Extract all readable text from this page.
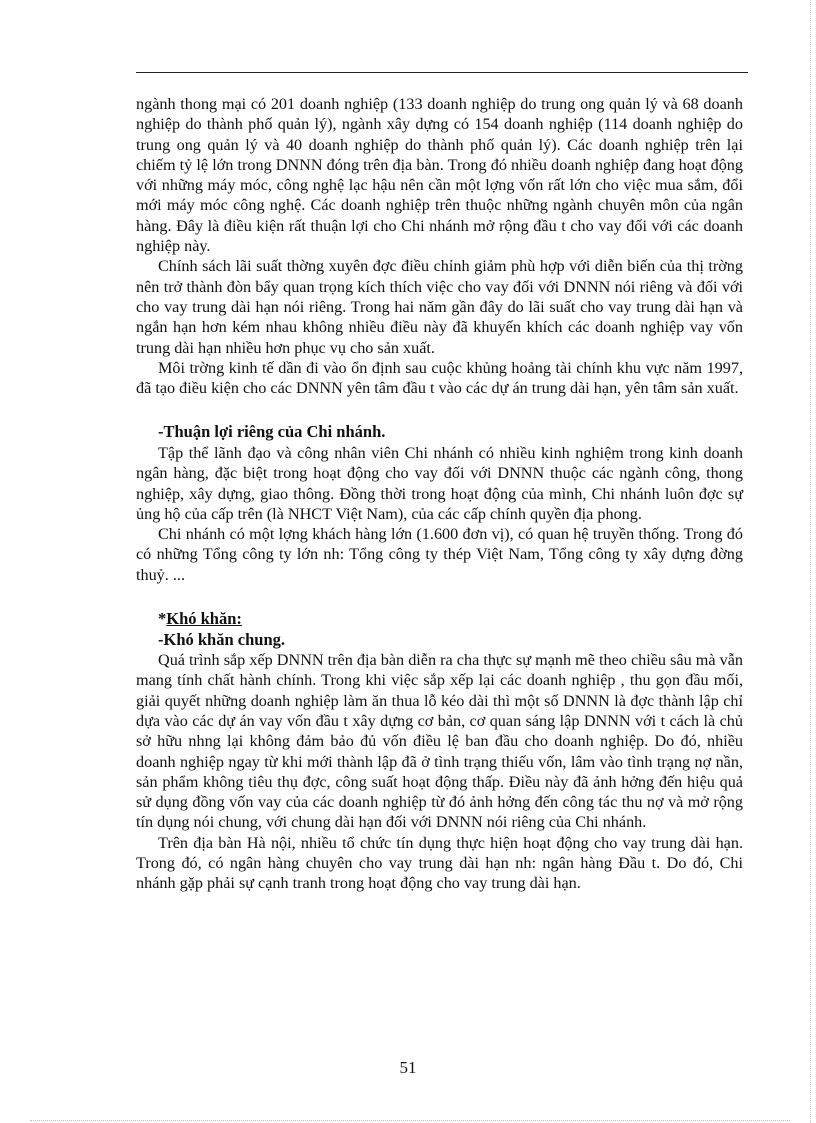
ngành thong mại có 201 doanh nghiệp (133 doanh nghiệp do trung ong quản lý và 68 doanh nghiệp do thành phố quản lý), ngành xây dựng có 154 doanh nghiệp (114 doanh nghiệp do trung ong quản lý và 40 doanh nghiệp do thành phố quản lý). Các doanh nghiệp trên lại chiếm tỷ lệ lớn trong DNNN đóng trên địa bàn. Trong đó nhiều doanh nghiệp đang hoạt động với những máy móc, công nghệ lạc hậu nên cần một lợng vốn rất lớn cho việc mua sắm, đổi mới máy móc công nghệ. Các doanh nghiệp trên thuộc những ngành chuyên môn của ngân hàng. Đây là điều kiện rất thuận lợi cho Chi nhánh mở rộng đầu t cho vay đối với các doanh nghiệp này.

Chính sách lãi suất thờng xuyên đợc điều chỉnh giảm phù hợp với diễn biến của thị trờng nên trở thành đòn bẩy quan trọng kích thích việc cho vay đối với DNNN nói riêng và đối với cho vay trung dài hạn nói riêng. Trong hai năm gần đây do lãi suất cho vay trung dài hạn và ngắn hạn hơn kém nhau không nhiều điều này đã khuyến khích các doanh nghiệp vay vốn trung dài hạn nhiều hơn phục vụ cho sản xuất.

Môi trờng kinh tế dần đi vào ổn định sau cuộc khủng hoảng tài chính khu vực năm 1997, đã tạo điều kiện cho các DNNN yên tâm đầu t vào các dự án trung dài hạn, yên tâm sản xuất.

-Thuận lợi riêng của Chi nhánh.

Tập thể lãnh đạo và công nhân viên Chi nhánh có nhiều kinh nghiệm trong kinh doanh ngân hàng, đặc biệt trong hoạt động cho vay đối với DNNN thuộc các ngành công, thong nghiệp, xây dựng, giao thông. Đồng thời trong hoạt động của mình, Chi nhánh luôn đợc sự ủng hộ của cấp trên (là NHCT Việt Nam), của các cấp chính quyền địa phong.

Chi nhánh có một lợng khách hàng lớn (1.600 đơn vị), có quan hệ truyền thống. Trong đó có những Tổng công ty lớn nh: Tổng công ty thép Việt Nam, Tổng công ty xây dựng đờng thuỷ. ...

*Khó khăn:

-Khó khăn chung.

Quá trình sắp xếp DNNN trên địa bàn diễn ra cha thực sự mạnh mẽ theo chiều sâu mà vẫn mang tính chất hành chính. Trong khi việc sắp xếp lại các doanh nghiệp , thu gọn đầu mối, giải quyết những doanh nghiệp làm ăn thua lỗ kéo dài thì một số DNNN là đợc thành lập chỉ dựa vào các dự án vay vốn đầu t xây dựng cơ bản, cơ quan sáng lập DNNN với t cách là chủ sở hữu nhng lại không đảm bảo đủ vốn điều lệ ban đầu cho doanh nghiệp. Do đó, nhiều doanh nghiệp ngay từ khi mới thành lập đã ở tình trạng thiếu vốn, lâm vào tình trạng nợ nần, sản phẩm không tiêu thụ đợc, công suất hoạt động thấp. Điều này đã ảnh hởng đến hiệu quả sử dụng đồng vốn vay của các doanh nghiệp từ đó ảnh hởng đến công tác thu nợ và mở rộng tín dụng nói chung, với chung dài hạn đối với DNNN nói riêng của Chi nhánh.

Trên địa bàn Hà nội, nhiều tổ chức tín dụng thực hiện hoạt động cho vay trung dài hạn. Trong đó, có ngân hàng chuyên cho vay trung dài hạn nh: ngân hàng Đầu t. Do đó, Chi nhánh gặp phải sự cạnh tranh trong hoạt động cho vay trung dài hạn.

51
